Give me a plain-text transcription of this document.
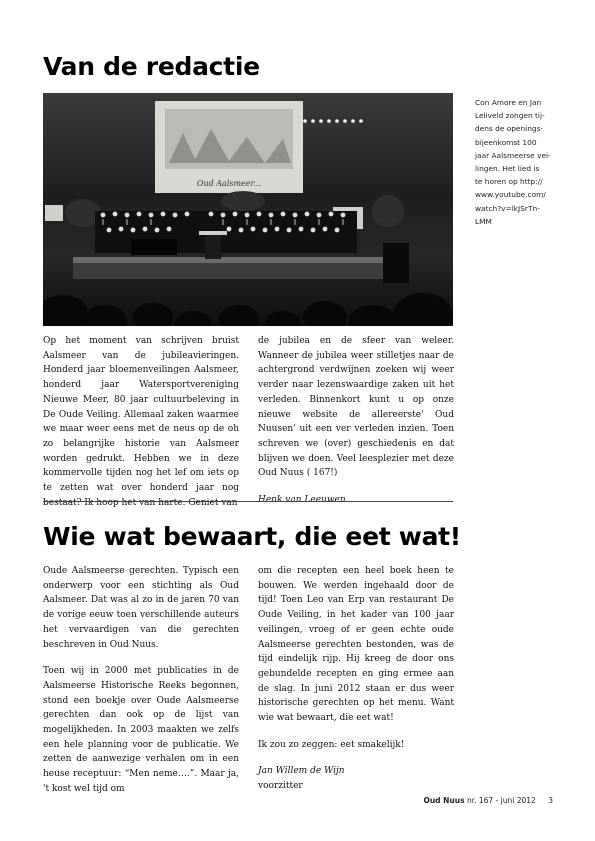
Van de redactie
Oud Aalsmeer...
Con Amore en Jan
Leliveld zongen tij-
dens de openings-
bijeenkomst 100
jaar Aalsmeerse vei-
lingen. Het lied is
te horen op http://
www.youtube.com/
watch?v=lkJSrTn-
LMM

Op het moment van schrijven bruist Aalsmeer van de jubileavieringen. Honderd jaar bloemenveilingen Aalsmeer, honderd jaar Watersportvereniging Nieuwe Meer, 80 jaar cultuurbeleving in De Oude Veiling. Allemaal zaken waarmee we maar weer eens met de neus op de oh zo belangrijke historie van Aalsmeer worden gedrukt. Hebben we in deze kommervolle tijden nog het lef om iets op te zetten wat over honderd jaar nog bestaat? Ik hoop het van harte. Geniet van

de jubilea en de sfeer van weleer. Wanneer de jubilea weer stilletjes naar de achtergrond verdwijnen zoeken wij weer verder naar lezenswaardige zaken uit het verleden. Binnenkort kunt u op onze nieuwe website de allereerste' Oud Nuusen' uit een ver verleden inzien. Toen schreven we (over) geschiedenis en dat blijven we doen. Veel leesplezier met deze Oud Nuus ( 167!)

Henk van Leeuwen

Wie wat bewaart, die eet wat!

Oude Aalsmeerse gerechten. Typisch een onderwerp voor een stichting als Oud Aalsmeer. Dat was al zo in de jaren 70 van de vorige eeuw toen verschillende auteurs het vervaardigen van die gerechten beschreven in Oud Nuus.

Toen wij in 2000 met publicaties in de Aalsmeerse Historische Reeks begonnen, stond een boekje over Oude Aalsmeerse gerechten dan ook op de lijst van mogelijkheden. In 2003 maakten we zelfs een hele planning voor de publicatie. We zetten de aanwezige verhalen om in een heuse receptuur: “Men neme….”. Maar ja, 't kost wel tijd om

om die recepten een heel boek heen te bouwen. We werden ingehaald door de tijd! Toen Leo van Erp van restaurant De Oude Veiling, in het kader van 100 jaar veilingen, vroeg of er geen echte oude Aalsmeerse gerechten bestonden, was de tijd eindelijk rijp. Hij kreeg de door ons gebundelde recepten en ging ermee aan de slag. In juni 2012 staan er dus weer historische gerechten op het menu. Want wie wat bewaart, die eet wat!

Ik zou zo zeggen: eet smakelijk!

Jan Willem de Wijn

voorzitter

Oud Nuus nr. 167 - juni 2012 3
